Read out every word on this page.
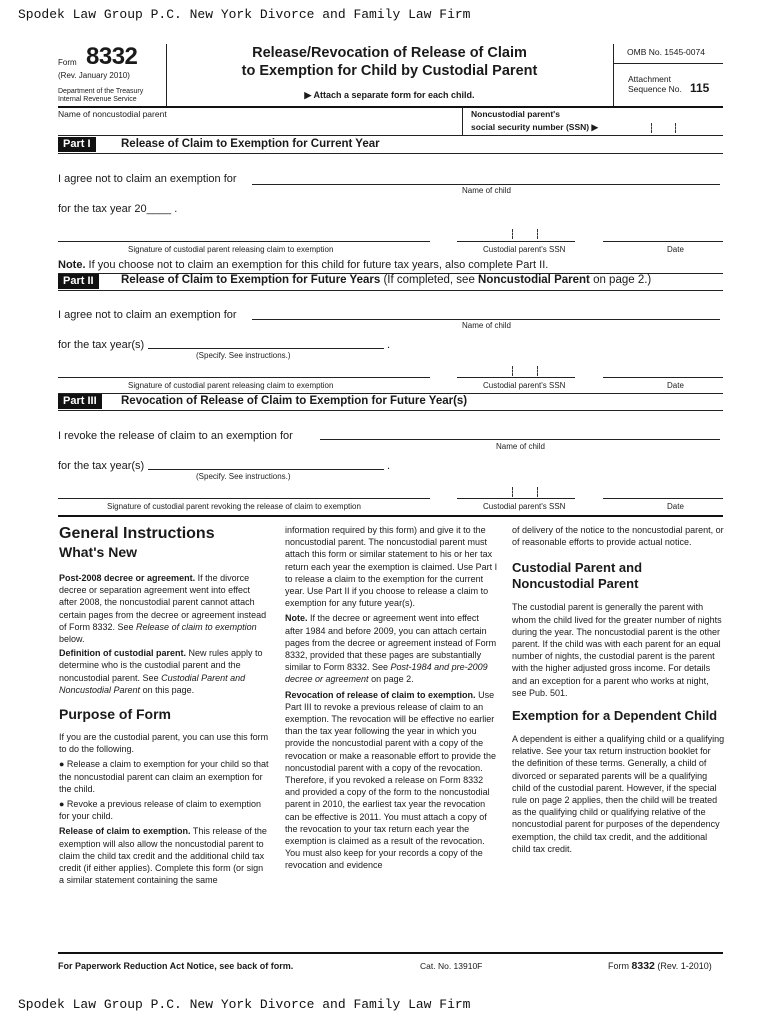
Spodek Law Group P.C. New York Divorce and Family Law Firm
Form 8332
(Rev. January 2010)
Department of the Treasury
Internal Revenue Service
Release/Revocation of Release of Claim
to Exemption for Child by Custodial Parent
▶ Attach a separate form for each child.
OMB No. 1545-0074
Attachment
Sequence No. 115
Name of noncustodial parent	Noncustodial parent's
social security number (SSN) ▶
Part I	Release of Claim to Exemption for Current Year
I agree not to claim an exemption for
Name of child
for the tax year 20____ .
Signature of custodial parent releasing claim to exemption	Custodial parent's SSN	Date
Note. If you choose not to claim an exemption for this child for future tax years, also complete Part II.
Part II	Release of Claim to Exemption for Future Years (If completed, see Noncustodial Parent on page 2.)
I agree not to claim an exemption for
Name of child
for the tax year(s)	.
(Specify. See instructions.)
Signature of custodial parent releasing claim to exemption	Custodial parent's SSN	Date
Part III	Revocation of Release of Claim to Exemption for Future Year(s)
I revoke the release of claim to an exemption for
Name of child
for the tax year(s)	.
(Specify. See instructions.)
Signature of custodial parent revoking the release of claim to exemption	Custodial parent's SSN	Date
General Instructions
What's New

Post-2008 decree or agreement. If the divorce decree or separation agreement went into effect after 2008, the noncustodial parent cannot attach certain pages from the decree or agreement instead of Form 8332. See Release of claim to exemption below.

Definition of custodial parent. New rules apply to determine who is the custodial parent and the noncustodial parent. See Custodial Parent and Noncustodial Parent on this page.

Purpose of Form

If you are the custodial parent, you can use this form to do the following.

● Release a claim to exemption for your child so that the noncustodial parent can claim an exemption for the child.

● Revoke a previous release of claim to exemption for your child.

Release of claim to exemption. This release of the exemption will also allow the noncustodial parent to claim the child tax credit and the additional child tax credit (if either applies). Complete this form (or sign a similar statement containing the same

information required by this form) and give it to the noncustodial parent. The noncustodial parent must attach this form or similar statement to his or her tax return each year the exemption is claimed. Use Part I to release a claim to the exemption for the current year. Use Part II if you choose to release a claim to exemption for any future year(s).

Note. If the decree or agreement went into effect after 1984 and before 2009, you can attach certain pages from the decree or agreement instead of Form 8332, provided that these pages are substantially similar to Form 8332. See Post-1984 and pre-2009 decree or agreement on page 2.

Revocation of release of claim to exemption. Use Part III to revoke a previous release of claim to an exemption. The revocation will be effective no earlier than the tax year following the year in which you provide the noncustodial parent with a copy of the revocation or make a reasonable effort to provide the noncustodial parent with a copy of the revocation. Therefore, if you revoked a release on Form 8332 and provided a copy of the form to the noncustodial parent in 2010, the earliest tax year the revocation can be effective is 2011. You must attach a copy of the revocation to your tax return each year the exemption is claimed as a result of the revocation. You must also keep for your records a copy of the revocation and evidence

of delivery of the notice to the noncustodial parent, or of reasonable efforts to provide actual notice.

Custodial Parent and Noncustodial Parent

The custodial parent is generally the parent with whom the child lived for the greater number of nights during the year. The noncustodial parent is the other parent. If the child was with each parent for an equal number of nights, the custodial parent is the parent with the higher adjusted gross income. For details and an exception for a parent who works at night, see Pub. 501.

Exemption for a Dependent Child

A dependent is either a qualifying child or a qualifying relative. See your tax return instruction booklet for the definition of these terms. Generally, a child of divorced or separated parents will be a qualifying child of the custodial parent. However, if the special rule on page 2 applies, then the child will be treated as the qualifying child or qualifying relative of the noncustodial parent for purposes of the dependency exemption, the child tax credit, and the additional child tax credit.

For Paperwork Reduction Act Notice, see back of form.	Cat. No. 13910F	Form 8332 (Rev. 1-2010)
Spodek Law Group P.C. New York Divorce and Family Law Firm
